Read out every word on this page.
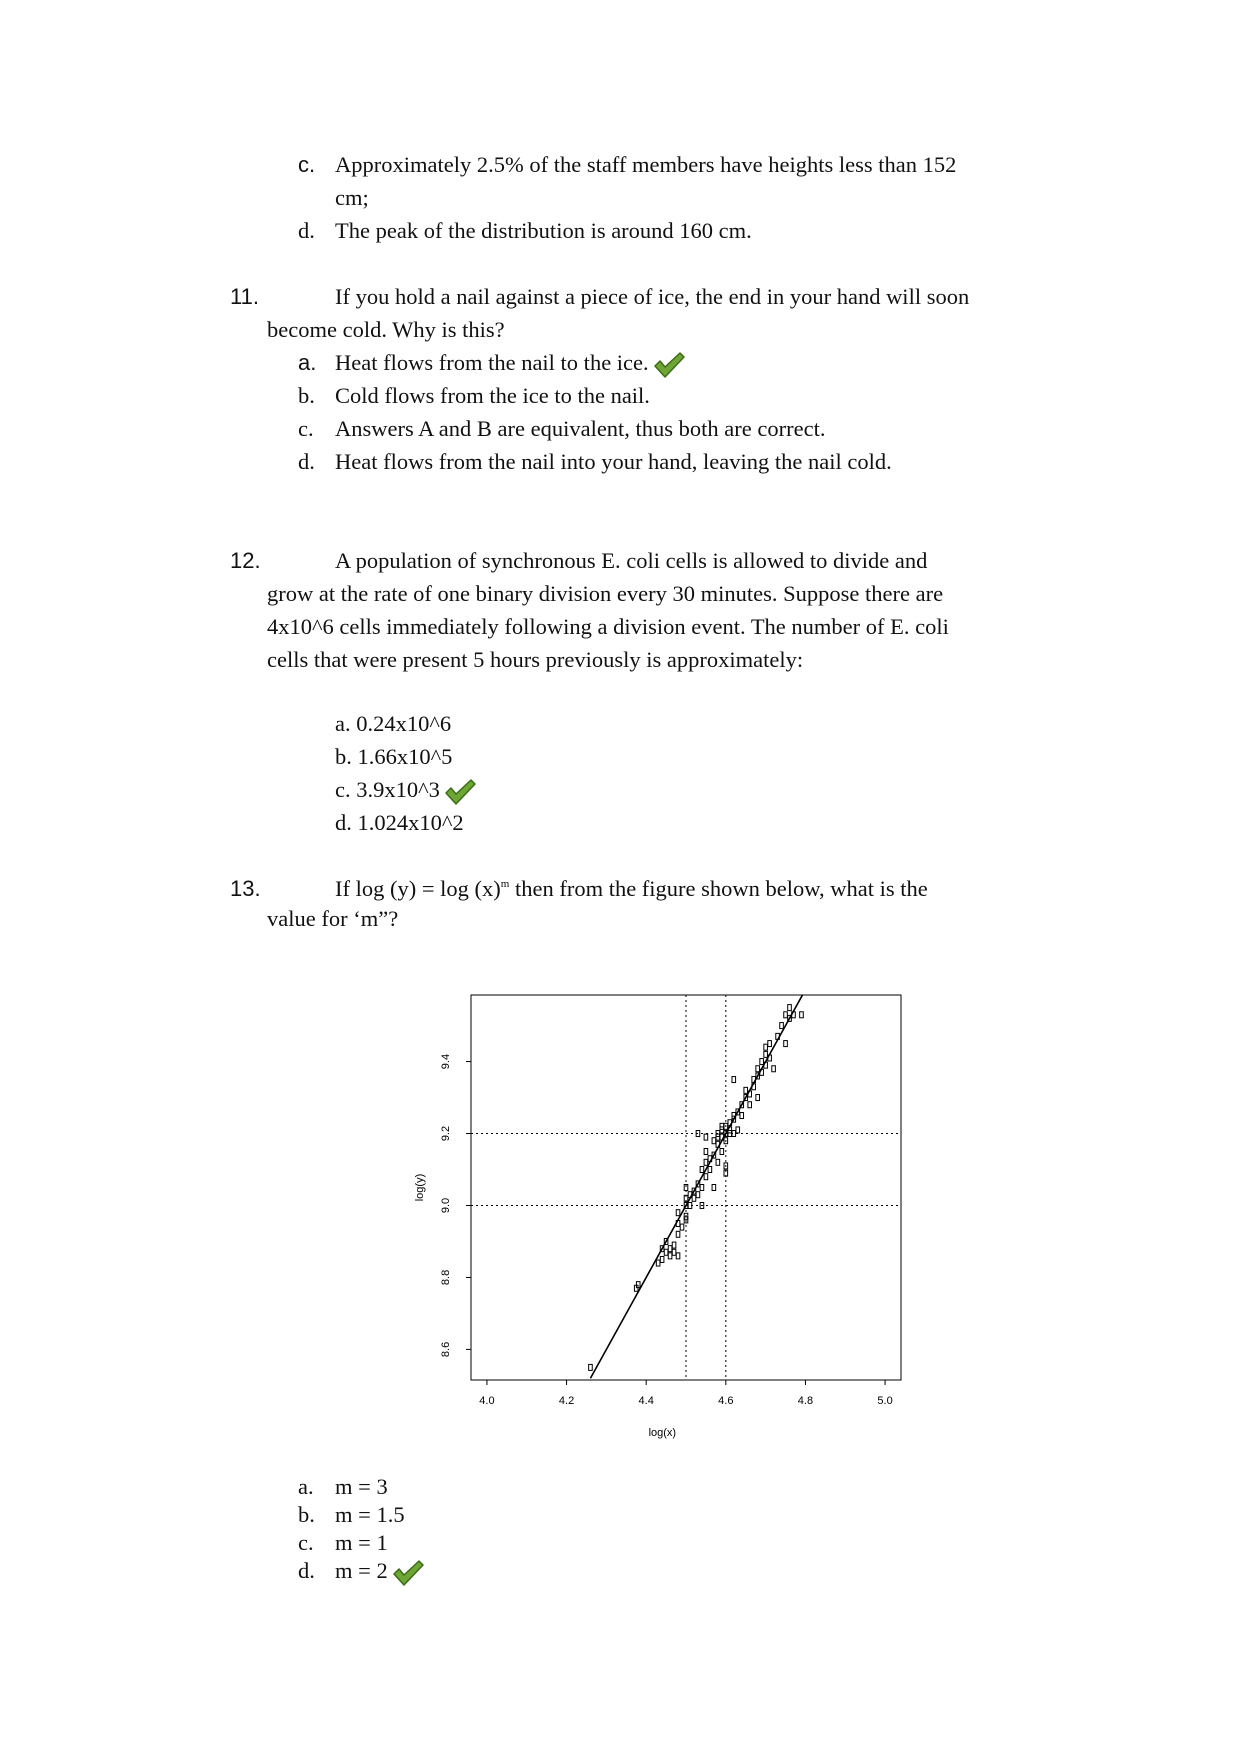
c. Approximately 2.5% of the staff members have heights less than 152
cm;
d. The peak of the distribution is around 160 cm.
11.	If you hold a nail against a piece of ice, the end in your hand will soon
become cold. Why is this?
a. Heat flows from the nail to the ice.
b. Cold flows from the ice to the nail.
c. Answers A and B are equivalent, thus both are correct.
d. Heat flows from the nail into your hand, leaving the nail cold.
12.	A population of synchronous E. coli cells is allowed to divide and
grow at the rate of one binary division every 30 minutes. Suppose there are
4x10^6 cells immediately following a division event. The number of E. coli
cells that were present 5 hours previously is approximately:
a. 0.24x10^6
b. 1.66x10^5
c. 3.9x10^3
d. 1.024x10^2
13.	If $\log (y) = \log (x)^m$ then from the figure shown below, what is the
value for ‘m”?
4.0	4.2	4.4	4.6	4.8	5.0
8.6
8.8
9.0
9.2
9.4
log(x)
log(y)
a. m = 3
b. m = 1.5
c. m = 1
d. m = 2
